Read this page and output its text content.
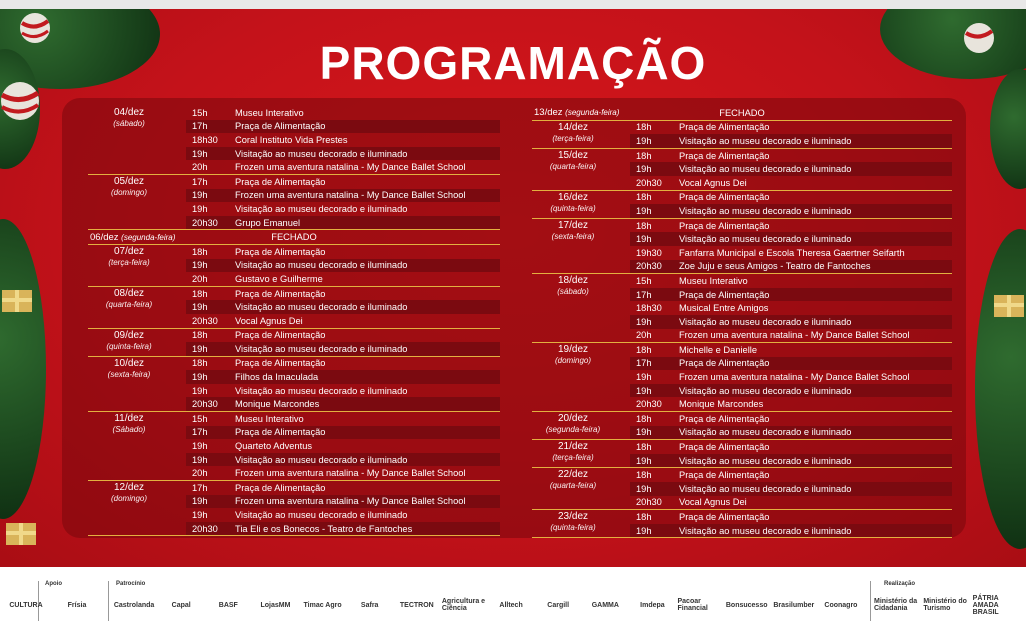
PROGRAMAÇÃO
04/dez
(sábado)
15h	Museu Interativo
17h	Praça de Alimentação
18h30	Coral Instituto Vida Prestes
19h	Visitação ao museu decorado e iluminado
20h	Frozen uma aventura natalina - My Dance Ballet School
05/dez
(domingo)
17h	Praça de Alimentação
19h	Frozen uma aventura natalina - My Dance Ballet School
19h	Visitação ao museu decorado e iluminado
20h30	Grupo Emanuel
06/dez (segunda-feira)	FECHADO
07/dez
(terça-feira)
18h	Praça de Alimentação
19h	Visitação ao museu decorado e iluminado
20h	Gustavo e Guilherme
08/dez
(quarta-feira)
18h	Praça de Alimentação
19h	Visitação ao museu decorado e iluminado
20h30	Vocal Agnus Dei
09/dez
(quinta-feira)
18h	Praça de Alimentação
19h	Visitação ao museu decorado e iluminado
10/dez
(sexta-feira)
18h	Praça de Alimentação
19h	Filhos da Imaculada
19h	Visitação ao museu decorado e iluminado
20h30	Monique Marcondes
11/dez
(Sábado)
15h	Museu Interativo
17h	Praça de Alimentação
19h	Quarteto Adventus
19h	Visitação ao museu decorado e iluminado
20h	Frozen uma aventura natalina - My Dance Ballet School
12/dez
(domingo)
17h	Praça de Alimentação
19h	Frozen uma aventura natalina - My Dance Ballet School
19h	Visitação ao museu decorado e iluminado
20h30	Tia Eli e os Bonecos - Teatro de Fantoches
13/dez (segunda-feira)	FECHADO
14/dez
(terça-feira)
18h	Praça de Alimentação
19h	Visitação ao museu decorado e iluminado
15/dez
(quarta-feira)
18h	Praça de Alimentação
19h	Visitação ao museu decorado e iluminado
20h30	Vocal Agnus Dei
16/dez
(quinta-feira)
18h	Praça de Alimentação
19h	Visitação ao museu decorado e iluminado
17/dez
(sexta-feira)
18h	Praça de Alimentação
19h	Visitação ao museu decorado e iluminado
19h30	Fanfarra Municipal e Escola Theresa Gaertner Seifarth
20h30	Zoe Juju e seus Amigos - Teatro de Fantoches
18/dez
(sábado)
15h	Museu Interativo
17h	Praça de Alimentação
18h30	Musical Entre Amigos
19h	Visitação ao museu decorado e iluminado
20h	Frozen uma aventura natalina - My Dance Ballet School
19/dez
(domingo)
18h	Michelle e Danielle
17h	Praça de Alimentação
19h	Frozen uma aventura natalina - My Dance Ballet School
19h	Visitação ao museu decorado e iluminado
20h30	Monique Marcondes
20/dez
(segunda-feira)
18h	Praça de Alimentação
19h	Visitação ao museu decorado e iluminado
21/dez
(terça-feira)
18h	Praça de Alimentação
19h	Visitação ao museu decorado e iluminado
22/dez
(quarta-feira)
18h	Praça de Alimentação
19h	Visitação ao museu decorado e iluminado
20h30	Vocal Agnus Dei
23/dez
(quinta-feira)
18h	Praça de Alimentação
19h	Visitação ao museu decorado e iluminado
Apoio	Patrocínio	Realização
CULTURA	Frísia	Castrolanda	Capal	BASF	LojasMM	Timac Agro	Safra	TECTRON	Agricultura e Ciência	Alltech	Cargill	GAMMA	Imdepa	Pacoar Financial	Bonsucesso Brasilumber	Coonagro	Ministério da Cidadania
Ministério do Turismo
PÁTRIA AMADA BRASIL
